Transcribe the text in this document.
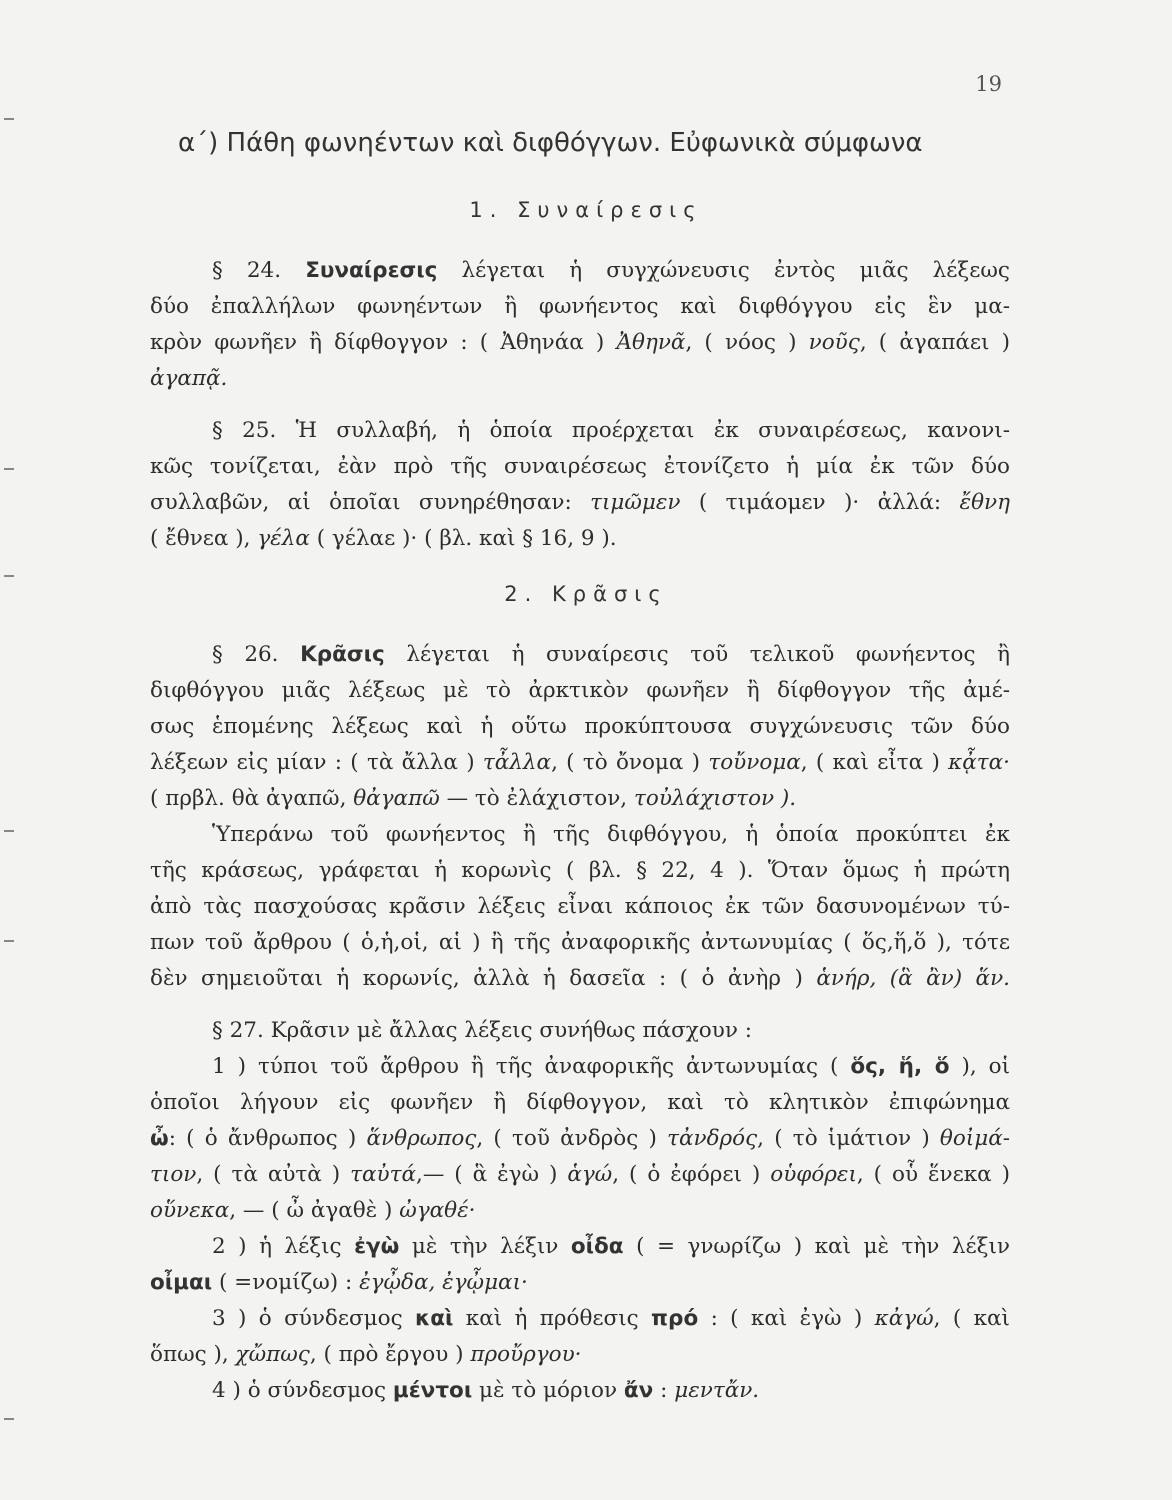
19
α΄) Πάθη φωνηέντων καὶ διφθόγγων. Εὐφωνικὰ σύμφωνα
1. Συναίρεσις
§ 24. Συναίρεσις λέγεται ἡ συγχώνευσις ἐντὸς μιᾶς λέξεως
δύο ἐπαλλήλων φωνηέντων ἢ φωνήεντος καὶ διφθόγγου εἰς ἓν μα-
κρὸν φωνῆεν ἢ δίφθογγον : ( Ἀθηνάα ) Ἀθηνᾶ, ( νόος ) νοῦς, ( ἀγαπάει )
ἀγαπᾷ.
§ 25. Ἡ συλλαβή, ἡ ὁποία προέρχεται ἐκ συναιρέσεως, κανονι-
κῶς τονίζεται, ἐὰν πρὸ τῆς συναιρέσεως ἐτονίζετο ἡ μία ἐκ τῶν δύο
συλλαβῶν, αἱ ὁποῖαι συνηρέθησαν: τιμῶμεν ( τιμάομεν )· ἀλλά: ἔθνη
( ἔθνεα ), γέλα ( γέλαε )· ( βλ. καὶ § 16, 9 ).
2. Κρᾶσις
§ 26. Κρᾶσις λέγεται ἡ συναίρεσις τοῦ τελικοῦ φωνήεντος ἢ
διφθόγγου μιᾶς λέξεως μὲ τὸ ἀρκτικὸν φωνῆεν ἢ δίφθογγον τῆς ἀμέ-
σως ἑπομένης λέξεως καὶ ἡ οὕτω προκύπτουσα συγχώνευσις τῶν δύο
λέξεων εἰς μίαν : ( τὰ ἄλλα ) τἆλλα, ( τὸ ὄνομα ) τοὔνομα, ( καὶ εἶτα ) κᾆτα·
( πρβλ. θὰ ἀγαπῶ, θἀγαπῶ — τὸ ἐλάχιστον, τοὐλάχιστον ).
Ὑπεράνω τοῦ φωνήεντος ἢ τῆς διφθόγγου, ἡ ὁποία προκύπτει ἐκ
τῆς κράσεως, γράφεται ἡ κορωνὶς ( βλ. § 22, 4 ). Ὅταν ὅμως ἡ πρώτη
ἀπὸ τὰς πασχούσας κρᾶσιν λέξεις εἶναι κάποιος ἐκ τῶν δασυνομένων τύ-
πων τοῦ ἄρθρου ( ὁ,ἡ,οἱ, αἱ ) ἢ τῆς ἀναφορικῆς ἀντωνυμίας ( ὅς,ἥ,ὅ ), τότε
δὲν σημειοῦται ἡ κορωνίς, ἀλλὰ ἡ δασεῖα : ( ὁ ἀνὴρ ) ἁνήρ, (ἃ ἂν) ἅν.
§ 27. Κρᾶσιν μὲ ἄλλας λέξεις συνήθως πάσχουν :
1 ) τύποι τοῦ ἄρθρου ἢ τῆς ἀναφορικῆς ἀντωνυμίας ( ὅς, ἥ, ὅ ), οἱ
ὁποῖοι λήγουν εἰς φωνῆεν ἢ δίφθογγον, καὶ τὸ κλητικὸν ἐπιφώνημα
ὦ: ( ὁ ἄνθρωπος ) ἅνθρωπος, ( τοῦ ἀνδρὸς ) τἀνδρός, ( τὸ ἱμάτιον ) θοἰμά-
τιον, ( τὰ αὐτὰ ) ταὐτά,— ( ἃ ἐγὼ ) ἁγώ, ( ὁ ἐφόρει ) οὑφόρει, ( οὗ ἕνεκα )
οὕνεκα, — ( ὦ ἀγαθὲ ) ὠγαθέ·
2 ) ἡ λέξις ἐγὼ μὲ τὴν λέξιν οἶδα ( = γνωρίζω ) καὶ μὲ τὴν λέξιν
οἶμαι ( =νομίζω) : ἐγᾦδα, ἐγᾦμαι·
3 ) ὁ σύνδεσμος καὶ καὶ ἡ πρόθεσις πρό : ( καὶ ἐγὼ ) κἀγώ, ( καὶ
ὅπως ), χὤπως, ( πρὸ ἔργου ) προὔργου·
4 ) ὁ σύνδεσμος μέντοι μὲ τὸ μόριον ἄν : μεντἄν.
